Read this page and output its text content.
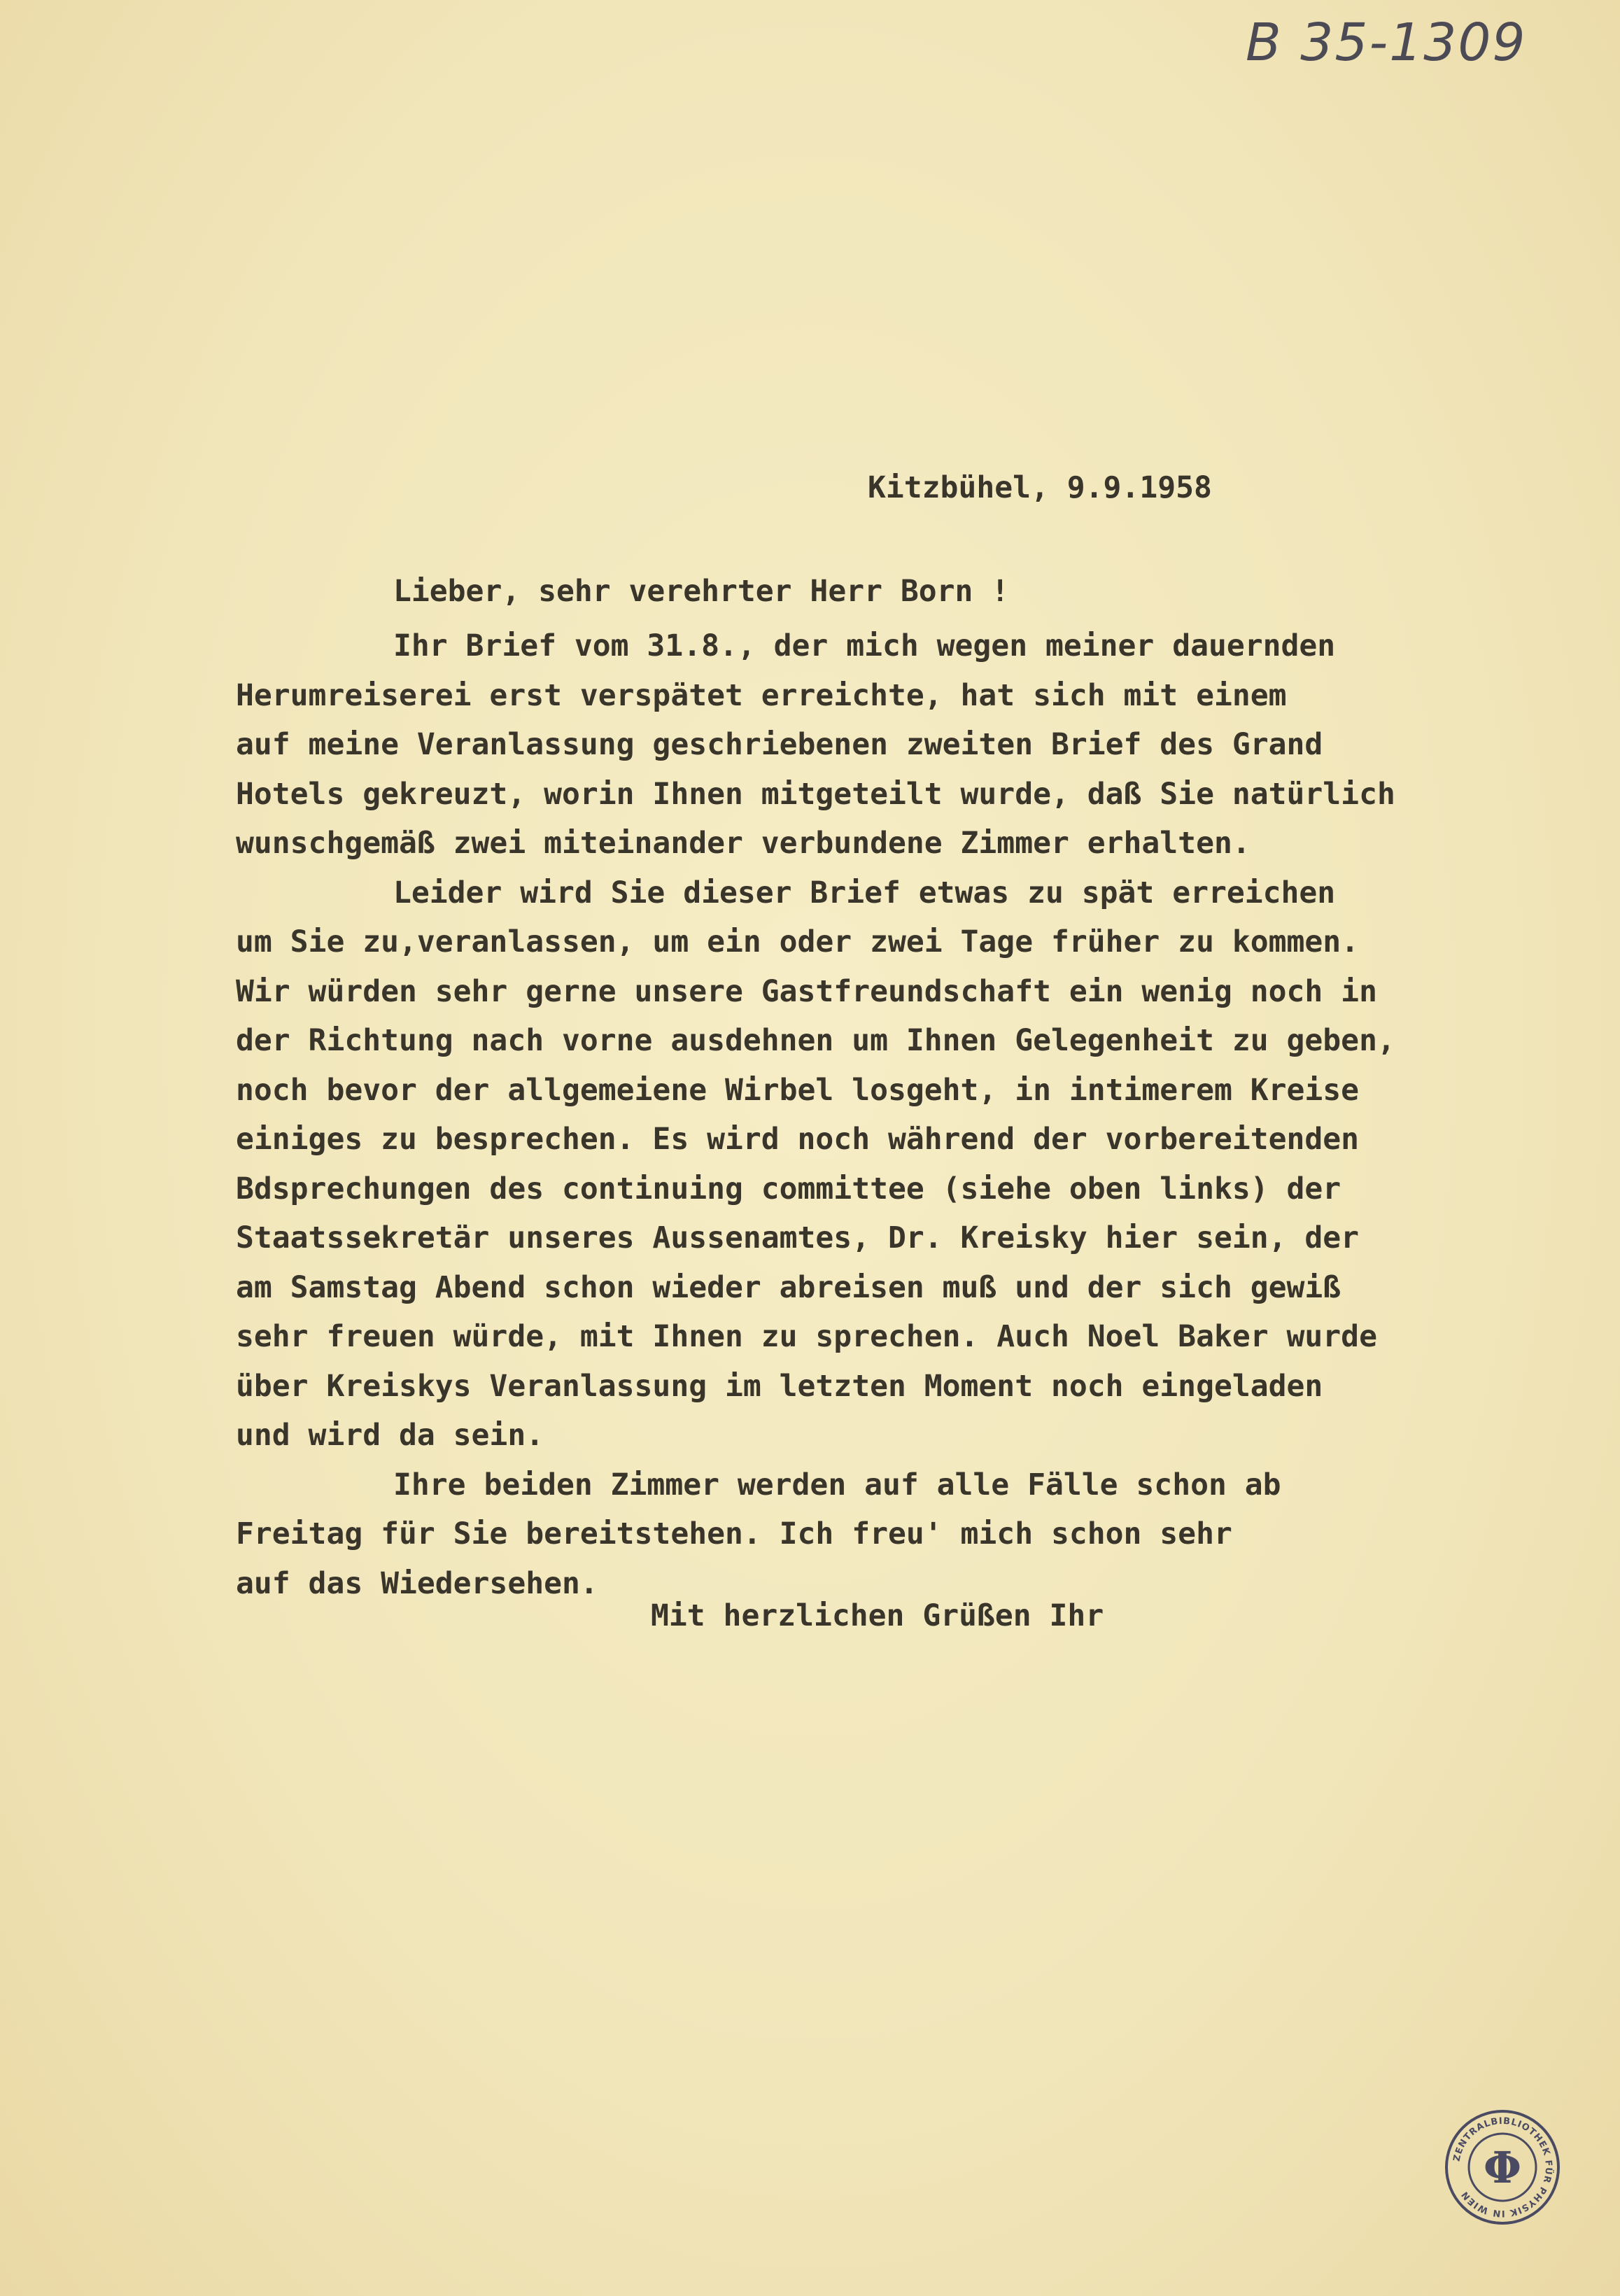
B 35-1309
Kitzbühel, 9.9.1958
Lieber, sehr verehrter Herr Born !
Ihr Brief vom 31.8., der mich wegen meiner dauernden
Herumreiserei erst verspätet erreichte, hat sich mit einem
auf meine Veranlassung geschriebenen zweiten Brief des Grand
Hotels gekreuzt, worin Ihnen mitgeteilt wurde, daß Sie natürlich
wunschgemäß zwei miteinander verbundene Zimmer erhalten.
Leider wird Sie dieser Brief etwas zu spät erreichen
um Sie zu,veranlassen, um ein oder zwei Tage früher zu kommen.
Wir würden sehr gerne unsere Gastfreundschaft ein wenig noch in
der Richtung nach vorne ausdehnen um Ihnen Gelegenheit zu geben,
noch bevor der allgemeiene Wirbel losgeht, in intimerem Kreise
einiges zu besprechen. Es wird noch während der vorbereitenden
Bdsprechungen des continuing committee (siehe oben links) der
Staatssekretär unseres Aussenamtes, Dr. Kreisky hier sein, der
am Samstag Abend schon wieder abreisen muß und der sich gewiß
sehr freuen würde, mit Ihnen zu sprechen. Auch Noel Baker wurde
über Kreiskys Veranlassung im letzten Moment noch eingeladen
und wird da sein.
Ihre beiden Zimmer werden auf alle Fälle schon ab
Freitag für Sie bereitstehen. Ich freu' mich schon sehr
auf das Wiedersehen.
Mit herzlichen Grüßen Ihr
ZENTRALBIBLIOTHEK FÜR PHYSIK IN WIEN
Φ
